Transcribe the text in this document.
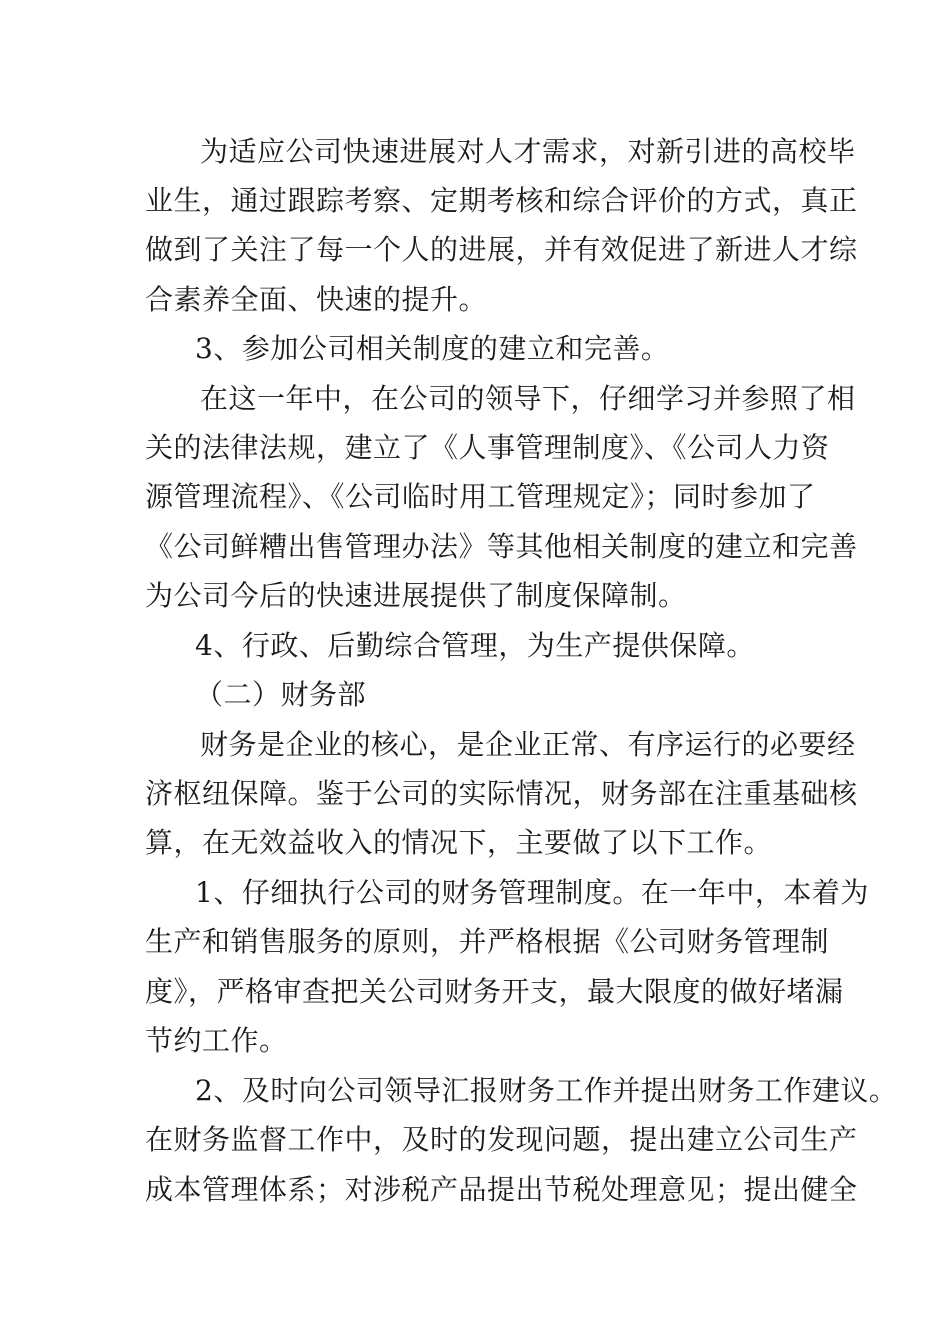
为适应公司快速进展对人才需求，对新引进的高校毕
业生，通过跟踪考察、定期考核和综合评价的方式，真正
做到了关注了每一个人的进展，并有效促进了新进人才综
合素养全面、快速的提升。
3、参加公司相关制度的建立和完善。
在这一年中，在公司的领导下，仔细学习并参照了相
关的法律法规，建立了《人事管理制度》、《公司人力资
源管理流程》、《公司临时用工管理规定》；同时参加了
《公司鲜糟出售管理办法》等其他相关制度的建立和完善
为公司今后的快速进展提供了制度保障制。
4、行政、后勤综合管理，为生产提供保障。
（二）财务部
财务是企业的核心，是企业正常、有序运行的必要经
济枢纽保障。鉴于公司的实际情况，财务部在注重基础核
算，在无效益收入的情况下，主要做了以下工作。
1、仔细执行公司的财务管理制度。在一年中，本着为
生产和销售服务的原则，并严格根据《公司财务管理制
度》，严格审查把关公司财务开支，最大限度的做好堵漏
节约工作。
2、及时向公司领导汇报财务工作并提出财务工作建议。
在财务监督工作中，及时的发现问题，提出建立公司生产
成本管理体系；对涉税产品提出节税处理意见；提出健全
